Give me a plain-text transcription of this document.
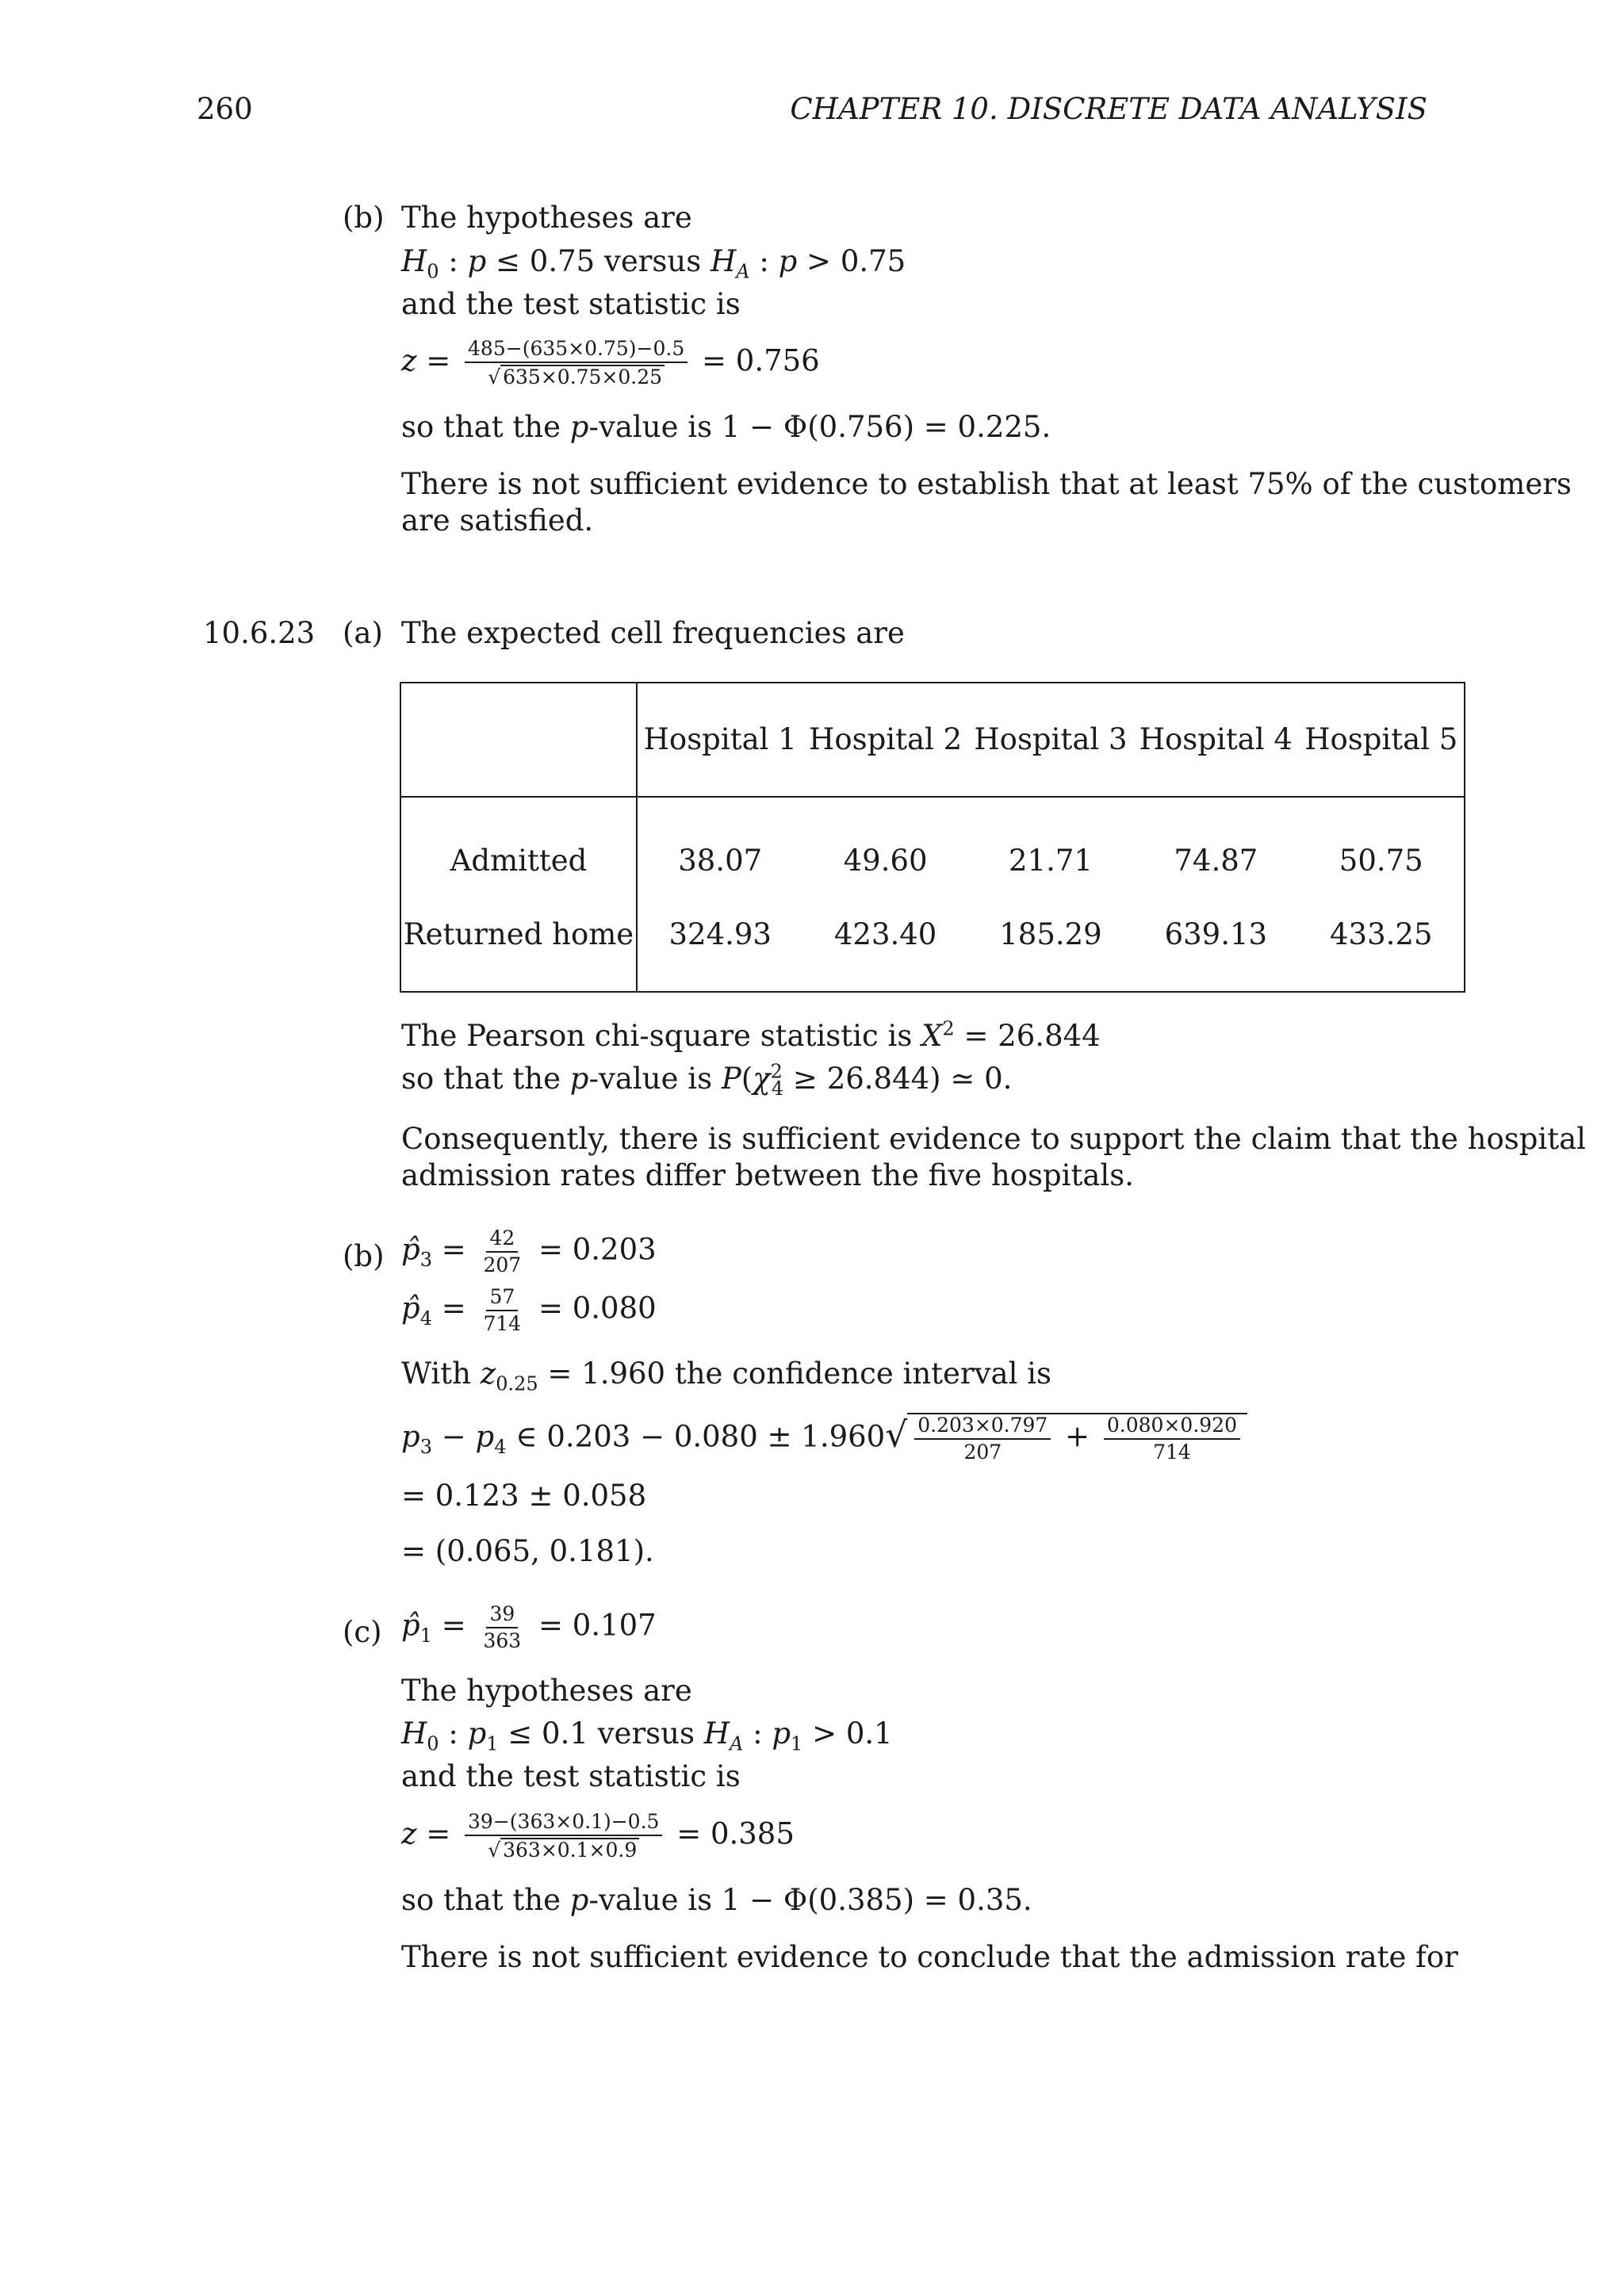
260	CHAPTER 10. DISCRETE DATA ANALYSIS
(b) The hypotheses are
$H_0$ : p ≤ 0.75 versus $H_A$ : p > 0.75
and the test statistic is
$z = \frac{485-(635\times 0.75)-0.5}{√ 635\times 0.75\times 0.25} = 0.756$
so that the p-value is 1 − Φ(0.756) = 0.225.
There is not sufficient evidence to establish that at least 75% of the customers
are satisfied.
10.6.23 (a) The expected cell frequencies are
	Hospital 1	Hospital 2	Hospital 3	Hospital 4	Hospital 5
Admitted	38.07	49.60	21.71	74.87	50.75
Returned home	324.93	423.40	185.29	639.13	433.25
The Pearson chi-square statistic is $X^2 = 26.844$
so that the p-value is $P(\chi^2_4 \ge 26.844)$ ≃ 0.
Consequently, there is sufficient evidence to support the claim that the hospital
admission rates differ between the five hospitals.
(b) $p̂_3 = \frac{42}{207} = 0.203$
$p̂_4 = \frac{57}{714} = 0.080$
With $z_{0.25} = 1.960$ the confidence interval is
$p_3 - p_4$ ∈ $0.203 - 0.080 \pm 1.960√ \frac{0.203\times 0.797}{207} + \frac{0.080\times 0.920}{714}$
= 0.123 ± 0.058
= (0.065, 0.181).
(c) $p̂_1 = \frac{39}{363} = 0.107$
The hypotheses are
$H_0$ : $p_1 \le 0.1$ versus $H_A$ : $p_1 > 0.1$
and the test statistic is
$z = \frac{39-(363\times 0.1)-0.5}{√ 363\times 0.1\times 0.9} = 0.385$
so that the p-value is 1 − Φ(0.385) = 0.35.
There is not sufficient evidence to conclude that the admission rate for
